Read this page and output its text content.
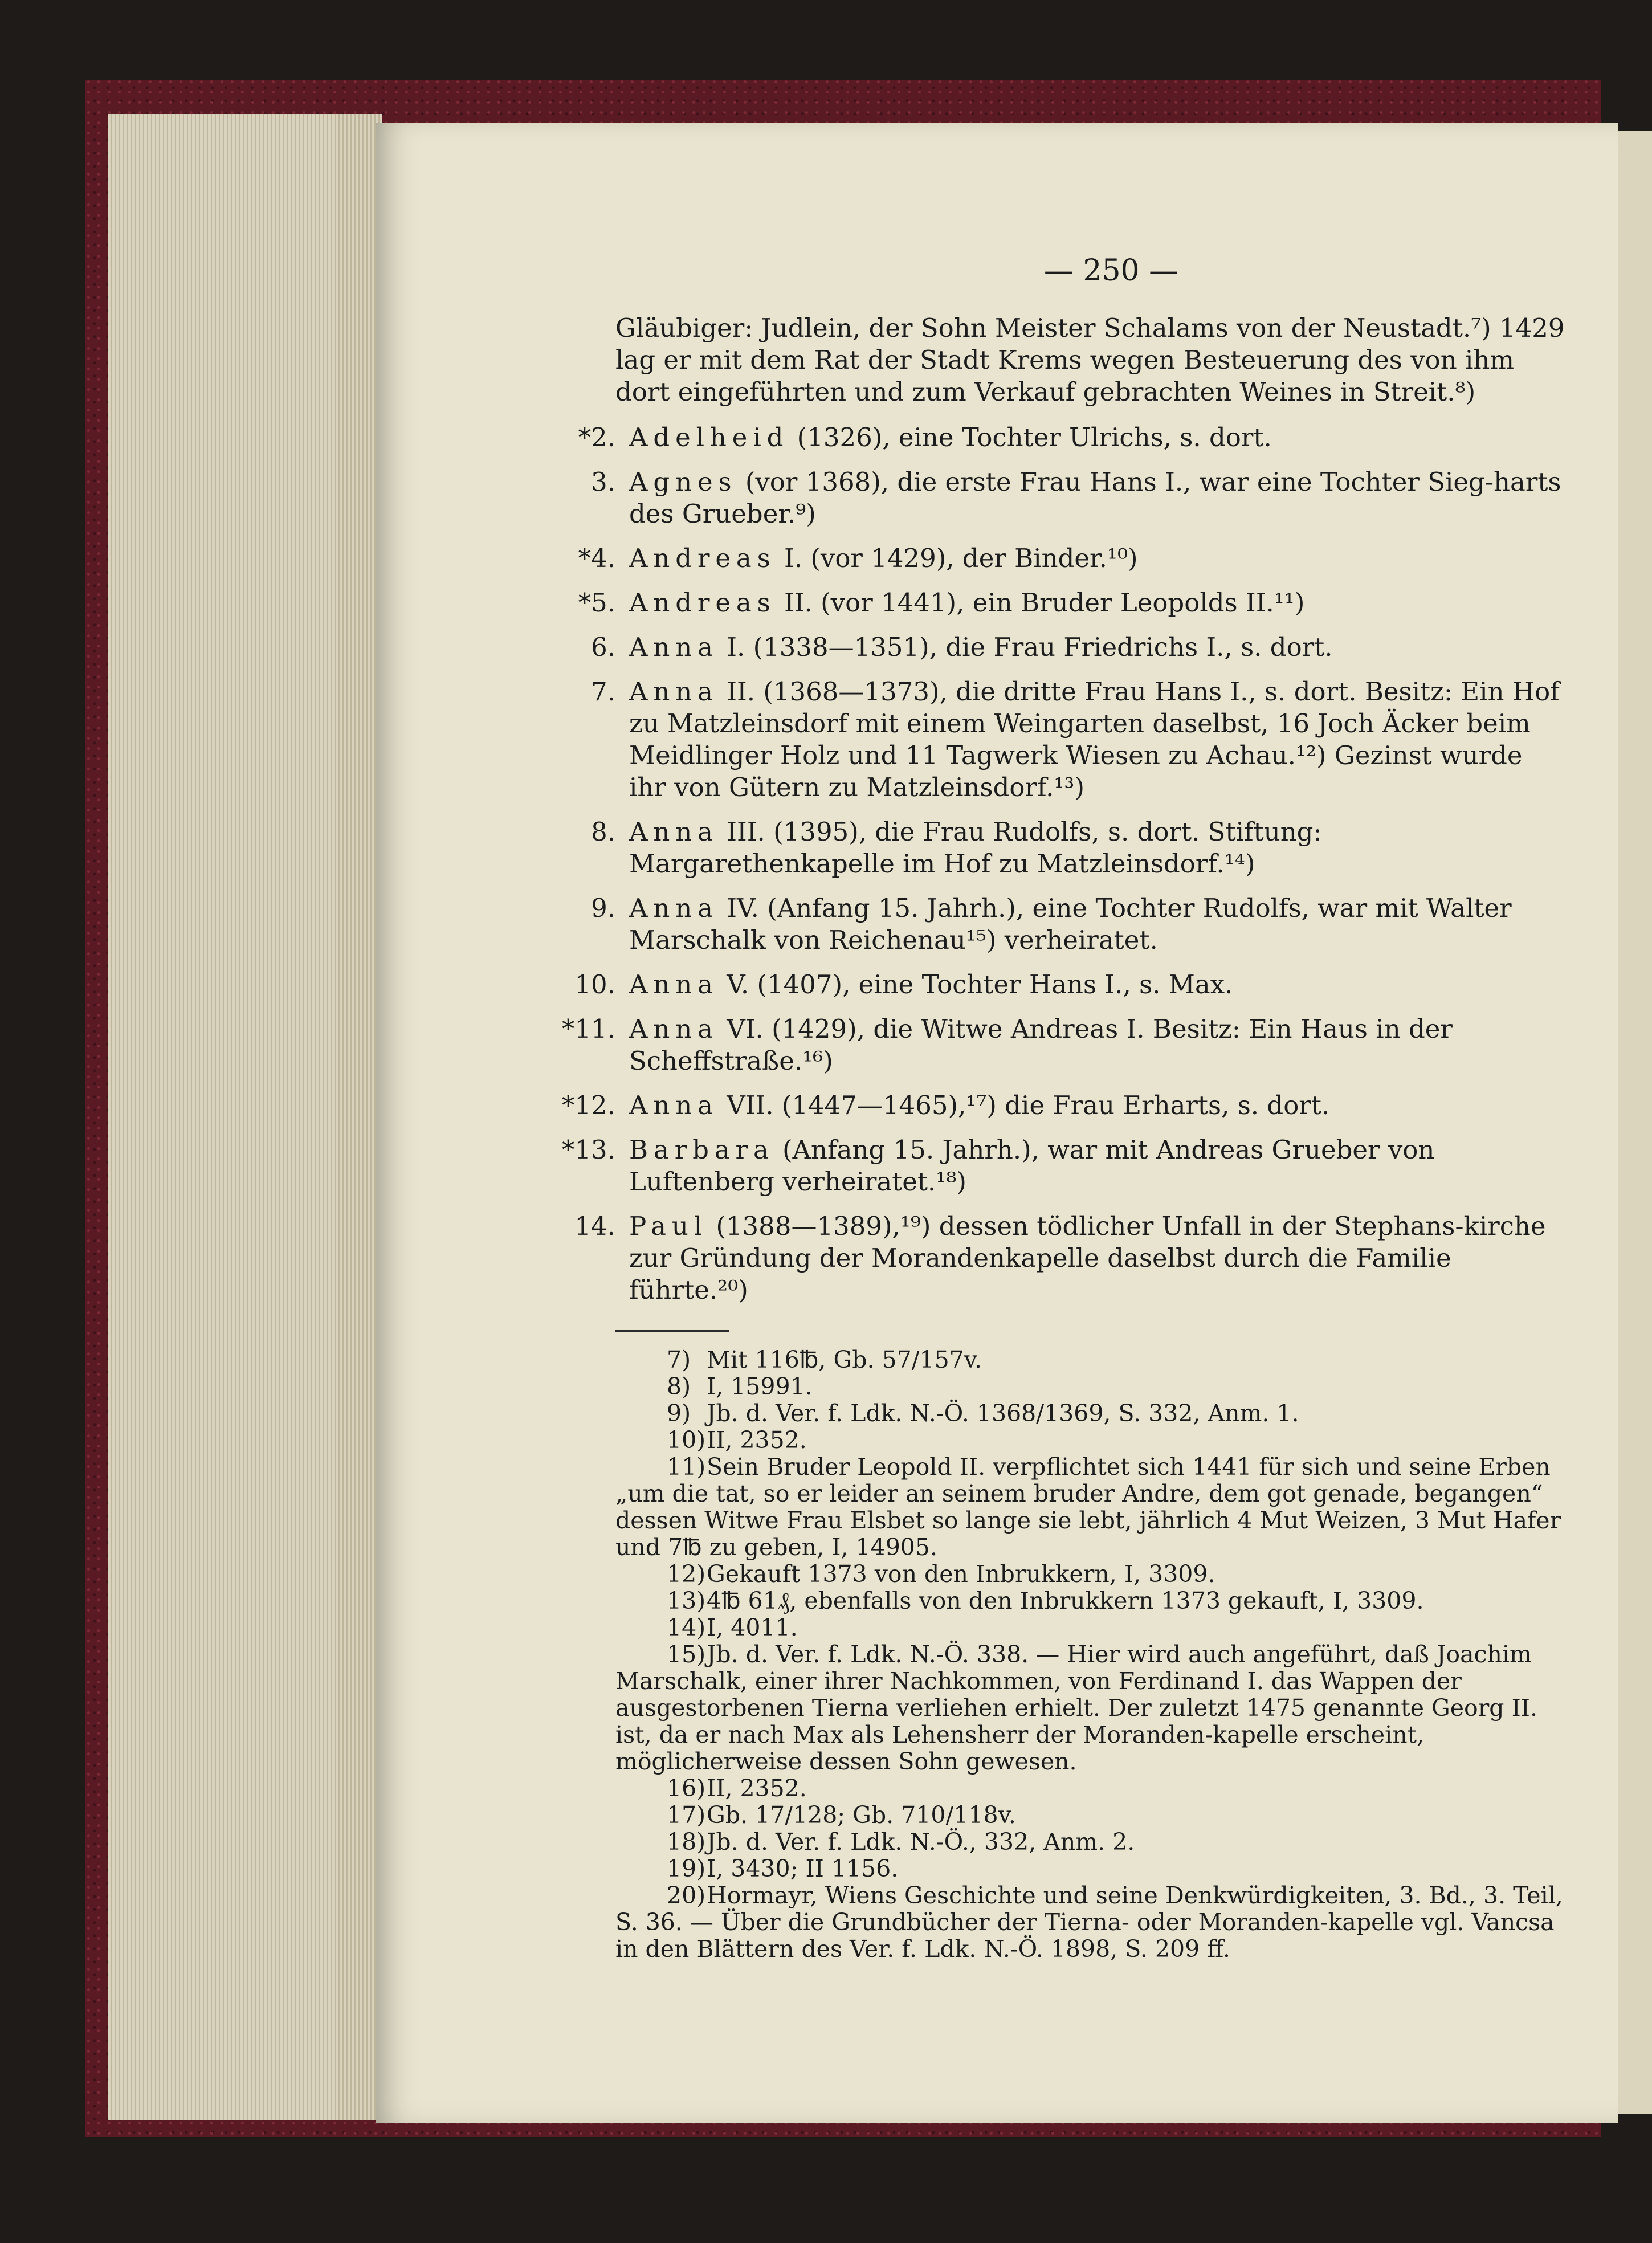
— 250 —
Gläubiger: Judlein, der Sohn Meister Schalams von der Neustadt.⁷) 1429 lag er mit dem Rat der Stadt Krems wegen Besteuerung des von ihm dort eingeführten und zum Verkauf gebrachten Weines in Streit.⁸)
*2. Adelheid (1326), eine Tochter Ulrichs, s. dort.
3. Agnes (vor 1368), die erste Frau Hans I., war eine Tochter Sieg-harts des Grueber.⁹)
*4. Andreas I. (vor 1429), der Binder.¹⁰)
*5. Andreas II. (vor 1441), ein Bruder Leopolds II.¹¹)
6. Anna I. (1338—1351), die Frau Friedrichs I., s. dort.
7. Anna II. (1368—1373), die dritte Frau Hans I., s. dort. Besitz: Ein Hof zu Matzleinsdorf mit einem Weingarten daselbst, 16 Joch Äcker beim Meidlinger Holz und 11 Tagwerk Wiesen zu Achau.¹²) Gezinst wurde ihr von Gütern zu Matzleinsdorf.¹³)
8. Anna III. (1395), die Frau Rudolfs, s. dort. Stiftung: Margarethenkapelle im Hof zu Matzleinsdorf.¹⁴)
9. Anna IV. (Anfang 15. Jahrh.), eine Tochter Rudolfs, war mit Walter Marschalk von Reichenau¹⁵) verheiratet.
10. Anna V. (1407), eine Tochter Hans I., s. Max.
*11. Anna VI. (1429), die Witwe Andreas I. Besitz: Ein Haus in der Scheffstraße.¹⁶)
*12. Anna VII. (1447—1465),¹⁷) die Frau Erharts, s. dort.
*13. Barbara (Anfang 15. Jahrh.), war mit Andreas Grueber von Luftenberg verheiratet.¹⁸)
14. Paul (1388—1389),¹⁹) dessen tödlicher Unfall in der Stephans-kirche zur Gründung der Morandenkapelle daselbst durch die Familie führte.²⁰)

7) Mit 116℔, Gb. 57/157v.

8) I, 15991.

9) Jb. d. Ver. f. Ldk. N.-Ö. 1368/1369, S. 332, Anm. 1.

10)II, 2352.

11)Sein Bruder Leopold II. verpflichtet sich 1441 für sich und seine Erben „um die tat, so er leider an seinem bruder Andre, dem got genade, begangen“ dessen Witwe Frau Elsbet so lange sie lebt, jährlich 4 Mut Weizen, 3 Mut Hafer und 7℔ zu geben, I, 14905.

12)Gekauft 1373 von den Inbrukkern, I, 3309.

13)4℔ 61₰, ebenfalls von den Inbrukkern 1373 gekauft, I, 3309.

14)I, 4011.

15)Jb. d. Ver. f. Ldk. N.-Ö. 338. — Hier wird auch angeführt, daß Joachim Marschalk, einer ihrer Nachkommen, von Ferdinand I. das Wappen der ausgestorbenen Tierna verliehen erhielt. Der zuletzt 1475 genannte Georg II. ist, da er nach Max als Lehensherr der Moranden-kapelle erscheint, möglicherweise dessen Sohn gewesen.

16)II, 2352.

17)Gb. 17/128; Gb. 710/118v.

18)Jb. d. Ver. f. Ldk. N.-Ö., 332, Anm. 2.

19)I, 3430; II 1156.

20)Hormayr, Wiens Geschichte und seine Denkwürdigkeiten, 3. Bd., 3. Teil, S. 36. — Über die Grundbücher der Tierna- oder Moranden-kapelle vgl. Vancsa in den Blättern des Ver. f. Ldk. N.-Ö. 1898, S. 209 ff.
